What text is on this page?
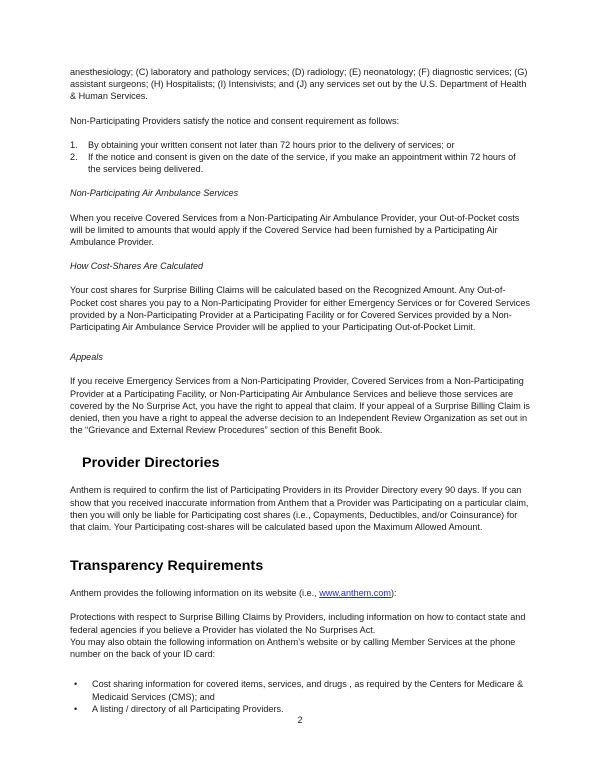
anesthesiology; (C) laboratory and pathology services; (D) radiology; (E) neonatology; (F) diagnostic services; (G) assistant surgeons; (H) Hospitalists; (I) Intensivists; and (J) any services set out by the U.S. Department of Health & Human Services.

Non-Participating Providers satisfy the notice and consent requirement as follows:

1.	By obtaining your written consent not later than 72 hours prior to the delivery of services; or
2.	If the notice and consent is given on the date of the service, if you make an appointment within 72 hours of the services being delivered.
Non-Participating Air Ambulance Services

When you receive Covered Services from a Non-Participating Air Ambulance Provider, your Out-of-Pocket costs will be limited to amounts that would apply if the Covered Service had been furnished by a Participating Air Ambulance Provider.

How Cost-Shares Are Calculated

Your cost shares for Surprise Billing Claims will be calculated based on the Recognized Amount. Any Out-of-Pocket cost shares you pay to a Non-Participating Provider for either Emergency Services or for Covered Services provided by a Non-Participating Provider at a Participating Facility or for Covered Services provided by a Non-Participating Air Ambulance Service Provider will be applied to your Participating Out-of-Pocket Limit.

Appeals

If you receive Emergency Services from a Non-Participating Provider, Covered Services from a Non-Participating Provider at a Participating Facility, or Non-Participating Air Ambulance Services and believe those services are covered by the No Surprise Act, you have the right to appeal that claim. If your appeal of a Surprise Billing Claim is denied, then you have a right to appeal the adverse decision to an Independent Review Organization as set out in the “Grievance and External Review Procedures” section of this Benefit Book.

Provider Directories

Anthem is required to confirm the list of Participating Providers in its Provider Directory every 90 days. If you can show that you received inaccurate information from Anthem that a Provider was Participating on a particular claim, then you will only be liable for Participating cost shares (i.e., Copayments, Deductibles, and/or Coinsurance) for that claim. Your Participating cost-shares will be calculated based upon the Maximum Allowed Amount.

Transparency Requirements

Anthem provides the following information on its website (i.e., www.anthem.com):

Protections with respect to Surprise Billing Claims by Providers, including information on how to contact state and federal agencies if you believe a Provider has violated the No Surprises Act.

You may also obtain the following information on Anthem’s website or by calling Member Services at the phone number on the back of your ID card:

• Cost sharing information for covered items, services, and drugs , as required by the Centers for Medicare & Medicaid Services (CMS); and
• A listing / directory of all Participating Providers.
2
